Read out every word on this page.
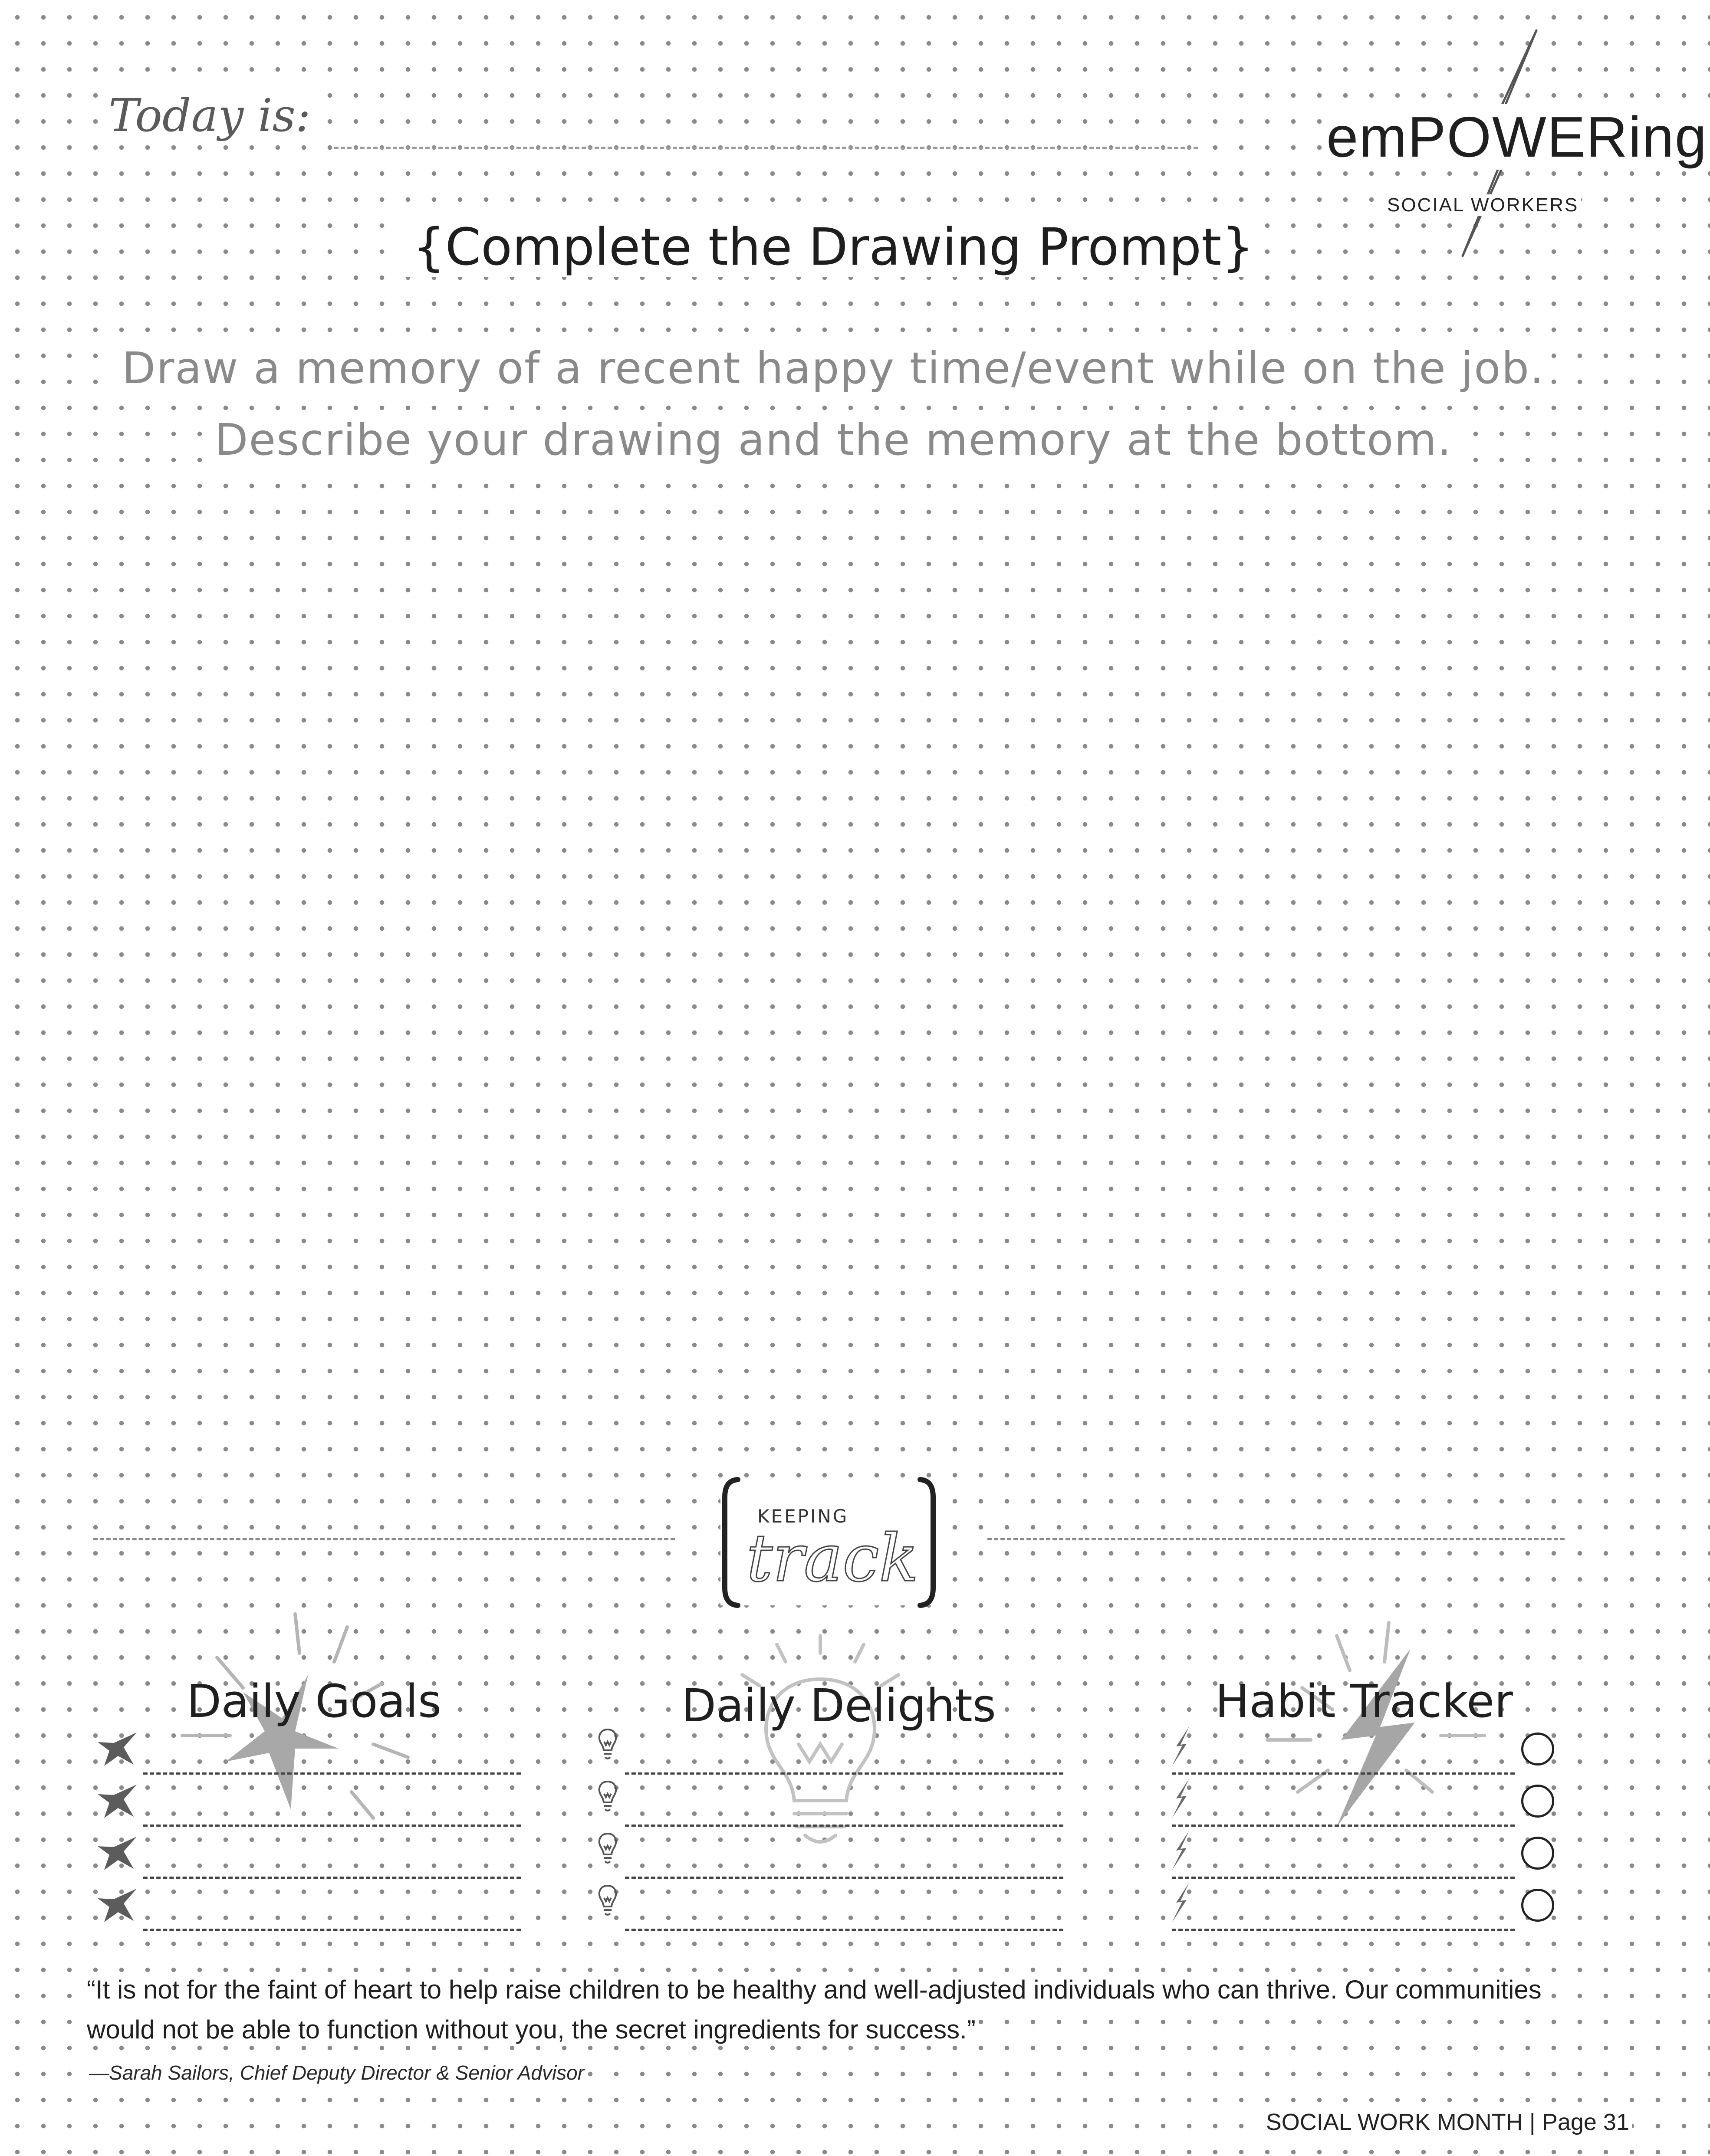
Today is:	emPOWERing
SOCIAL WORKERS
{Complete the Drawing Prompt}
Draw a memory of a recent happy time/event while on the job.
Describe your drawing and the memory at the bottom.
KEEPING
track
Daily Goals	Daily Delights	Habit Tracker
“It is not for the faint of heart to help raise children to be healthy and well-adjusted individuals who can thrive. Our communities would not be able to function without you, the secret ingredients for success.”
—Sarah Sailors, Chief Deputy Director & Senior Advisor
SOCIAL WORK MONTH | Page 31
